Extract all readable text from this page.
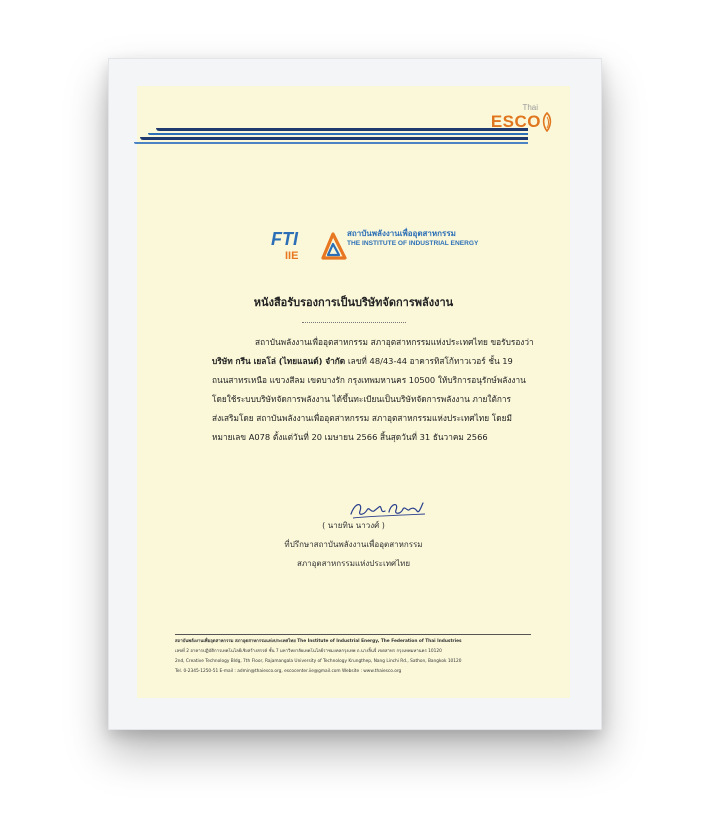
Thai
ESCO
FTI
IIE
สถาบันพลังงานเพื่ออุตสาหกรรม
THE INSTITUTE OF INDUSTRIAL ENERGY
หนังสือรับรองการเป็นบริษัทจัดการพลังงาน
สถาบันพลังงานเพื่ออุตสาหกรรม สภาอุตสาหกรรมแห่งประเทศไทย ขอรับรองว่า
บริษัท กรีน เยลโล่ (ไทยแลนด์) จำกัด เลขที่ 48/43-44 อาคารทิสโก้ทาวเวอร์ ชั้น 19
ถนนสาทรเหนือ แขวงสีลม เขตบางรัก กรุงเทพมหานคร 10500 ให้บริการอนุรักษ์พลังงาน
โดยใช้ระบบบริษัทจัดการพลังงาน ได้ขึ้นทะเบียนเป็นบริษัทจัดการพลังงาน ภายใต้การ
ส่งเสริมโดย สถาบันพลังงานเพื่ออุตสาหกรรม สภาอุตสาหกรรมแห่งประเทศไทย โดยมี
หมายเลข A078 ตั้งแต่วันที่ 20 เมษายน 2566 สิ้นสุดวันที่ 31 ธันวาคม 2566
( นายทิน นาวงศ์ )
ที่ปรึกษาสถาบันพลังงานเพื่ออุตสาหกรรม
สภาอุตสาหกรรมแห่งประเทศไทย
สถาบันพลังงานเพื่ออุตสาหกรรม สภาอุตสาหกรรมแห่งประเทศไทย The Institute of Industrial Energy, The Federation of Thai Industries
เลขที่ 2 อาคารปฏิบัติการเทคโนโลยีเชิงสร้างสรรค์ ชั้น 7 มหาวิทยาลัยเทคโนโลยีราชมงคลกรุงเทพ ถ.นางลิ้นจี่ เขตสาทร กรุงเทพมหานคร 10120
2nd, Creative Technology Bldg, 7th Floor, Rajamangala University of Technology Krungthep, Nang Linchi Rd., Sathon, Bangkok 10120
Tel. 0-2345-1250-51 E-mail : admin@thaiesco.org, escocenter.iie@gmail.com Website : www.thaiesco.org
